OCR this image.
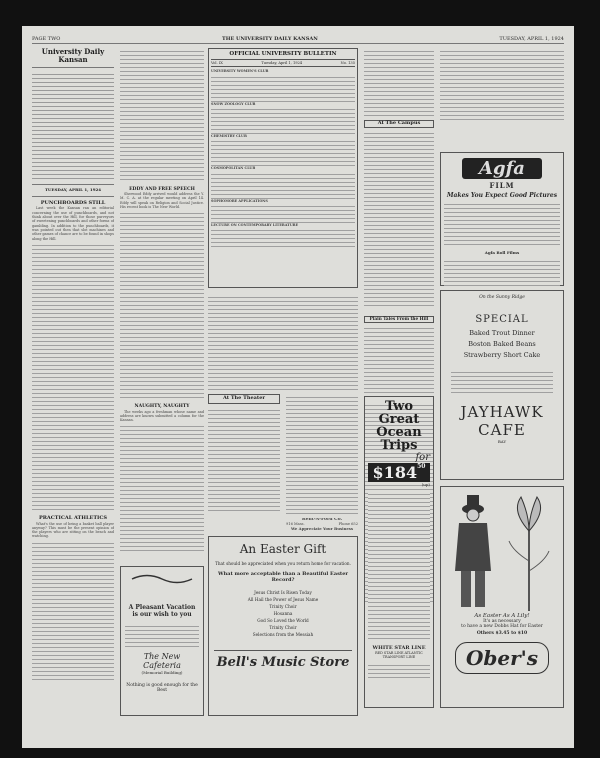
PAGE TWO	THE UNIVERSITY DAILY KANSAN	TUESDAY, APRIL 1, 1924
University Daily Kansan
TUESDAY, APRIL 1, 1924
PUNCHBOARDS STILL

Last week the Kansan ran an editorial concerning the use of punchboards, and not think about over the Hill, for those purveyors of sweetening punchboards and other forms of gambling. In addition to the punchboards, it was pointed out then that slot machines and other games of chance are to be found in shops along the Hill.

PRACTICAL ATHLETICS

What's the use of being a basket ball player anyway? This must be the present opinion of the players who are sitting on the bench and watching.

EDDY AND FREE SPEECH

Sherwood Eddy arrived would address the Y. M. C. A. at the regular meeting on April 14. Eddy will speak on Religion and Social Justice. His recent book is The New World.

NAUGHTY, NAUGHTY

The weeks ago a freshman whose name and address are known submitted a column for the Kansan.

OFFICIAL UNIVERSITY BULLETIN
Vol. IX	Tuesday, April 1, 1924	No. 135
UNIVERSITY WOMEN'S CLUB
SNOW ZOOLOGY CLUB
CHEMISTRY CLUB
COSMOPOLITAN CLUB
SOPHOMORE APPLICATIONS
LECTURE ON CONTEMPORARY LITERATURE
At The Theater
Rent-A-Ford Co.
916 Mass.	Phone 652
We Appreciate Your Business
At The Campus
Plain Tales From the Hill
Agfa
FILM
Makes You Expect Good Pictures
Agfa Roll Films
On the Sunny Ridge
SPECIAL
Baked Trout Dinner
Boston Baked Beans
Strawberry Short Cake
JAYHAWK CAFE
BAY
As Easter As A Lily!
It's as necessary
to have a new Dobbs Hat for Easter
Others $3.45 to $10
Ober's
Two
Great
Ocean
Trips
for
$184 50
(up)
WHITE STAR LINE
RED STAR LINE ATLANTIC TRANSPORT LINE
A Pleasant Vacation is our wish to you
The New Cafeteria
(Memorial Building)
Nothing is good enough for the Best
An Easter Gift
That should be appreciated when you return home for vacation.
What more acceptable than a Beautiful Easter Record?
Jesus Christ Is Risen Today
All Hail the Power of Jesus Name
Trinity Choir
Hosanna
God So Loved the World
Trinity Choir
Selections from the Messiah
Bell's Music Store
